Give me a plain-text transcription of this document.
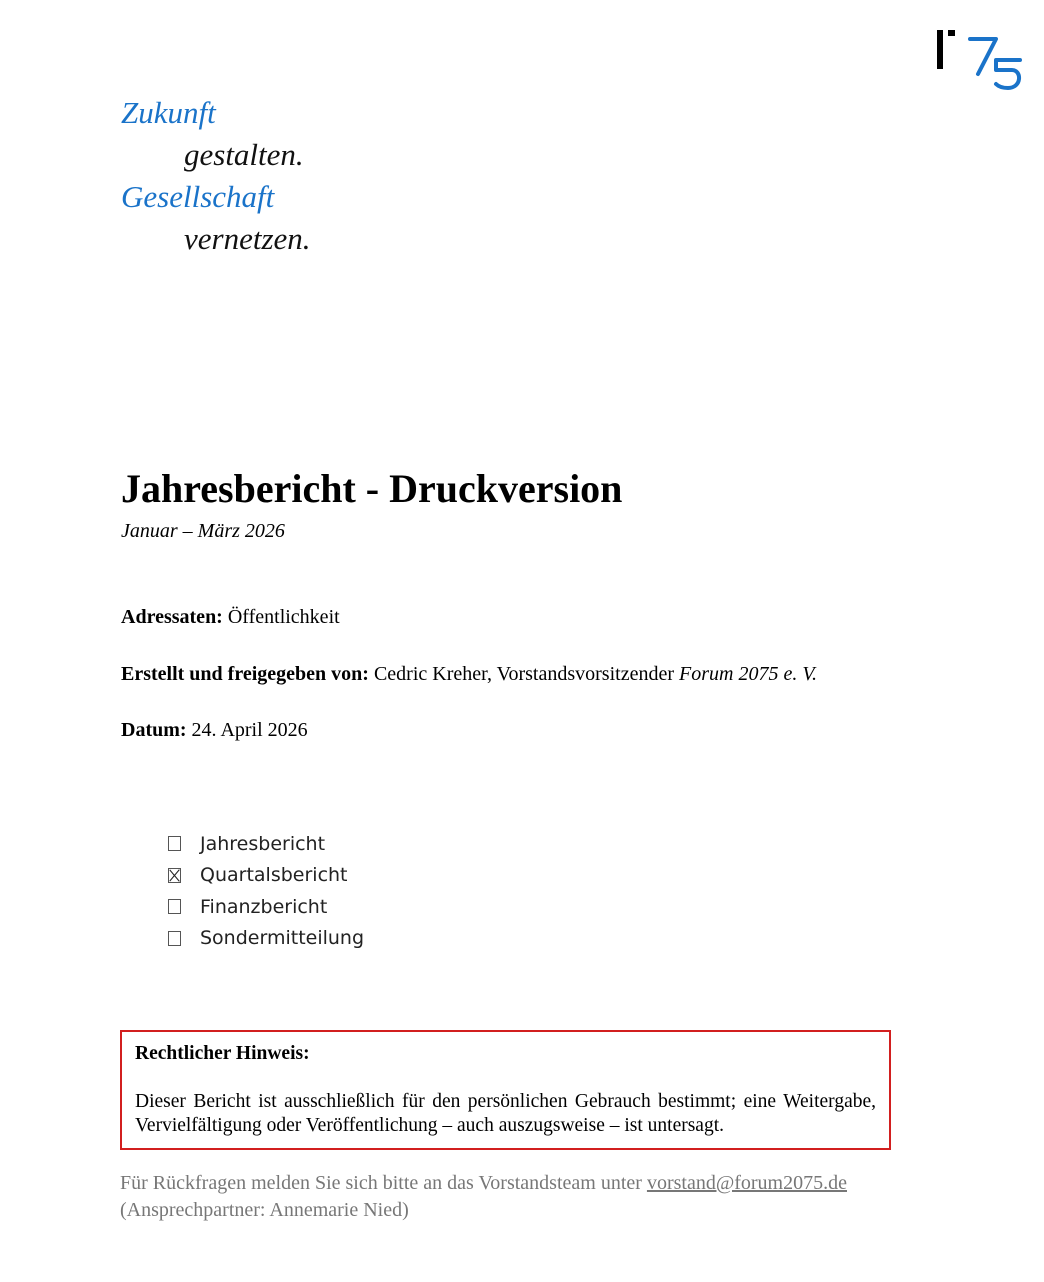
Zukunft
gestalten.
Gesellschaft
vernetzen.
Jahresbericht - Druckversion
Januar – März 2026
Adressaten: Öffentlichkeit
Erstellt und freigegeben von: Cedric Kreher, Vorstandsvorsitzender Forum 2075 e. V.
Datum: 24. April 2026
Jahresbericht
Quartalsbericht
Finanzbericht
Sondermitteilung

Rechtlicher Hinweis:

Dieser Bericht ist ausschließlich für den persönlichen Gebrauch bestimmt; eine Weitergabe, Vervielfältigung oder Veröffentlichung – auch auszugsweise – ist untersagt.

Für Rückfragen melden Sie sich bitte an das Vorstandsteam unter vorstand@forum2075.de
(Ansprechpartner: Annemarie Nied)
